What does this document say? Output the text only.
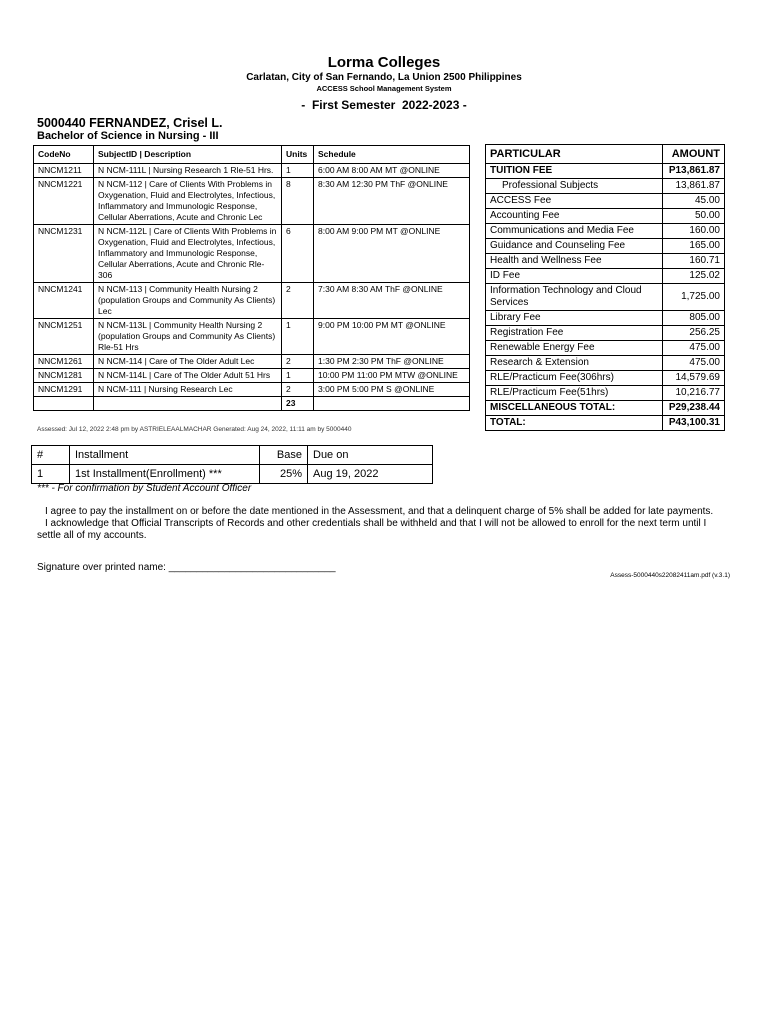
Lorma Colleges
Carlatan, City of San Fernando, La Union 2500 Philippines
ACCESS School Management System
-  First Semester  2022-2023 -
5000440 FERNANDEZ, Crisel L.
Bachelor of Science in Nursing - III
CodeNo	SubjectID | Description	Units	Schedule
NNCM1211	N NCM-111L | Nursing Research 1 Rle-51 Hrs.	1	6:00 AM 8:00 AM MT @ONLINE
NNCM1221	N NCM-112 | Care of Clients With Problems in Oxygenation, Fluid and Electrolytes, Infectious, Inflammatory and Immunologic Response, Cellular Aberrations, Acute and Chronic Lec	8	8:30 AM 12:30 PM ThF @ONLINE
NNCM1231	N NCM-112L | Care of Clients With Problems in Oxygenation, Fluid and Electrolytes, Infectious, Inflammatory and Immunologic Response, Cellular Aberrations, Acute and Chronic Rle-306	6	8:00 AM 9:00 PM MT @ONLINE
NNCM1241	N NCM-113 | Community Health Nursing 2 (population Groups and Community As Clients) Lec	2	7:30 AM 8:30 AM ThF @ONLINE
NNCM1251	N NCM-113L | Community Health Nursing 2 (population Groups and Community As Clients) Rle-51 Hrs	1	9:00 PM 10:00 PM MT @ONLINE
NNCM1261	N NCM-114 | Care of The Older Adult Lec	2	1:30 PM 2:30 PM ThF @ONLINE
NNCM1281	N NCM-114L | Care of The Older Adult 51 Hrs	1	10:00 PM 11:00 PM MTW @ONLINE
NNCM1291	N NCM-111 | Nursing Research Lec	2	3:00 PM 5:00 PM S @ONLINE
		23	
Assessed: Jul 12, 2022 2:48 pm by ASTRIELEAALMACHAR Generated: Aug 24, 2022, 11:11 am by 5000440
PARTICULAR	AMOUNT
TUITION FEE	P13,861.87
Professional Subjects	13,861.87
ACCESS Fee	45.00
Accounting Fee	50.00
Communications and Media Fee	160.00
Guidance and Counseling Fee	165.00
Health and Wellness Fee	160.71
ID Fee	125.02
Information Technology and Cloud Services	1,725.00
Library Fee	805.00
Registration Fee	256.25
Renewable Energy Fee	475.00
Research & Extension	475.00
RLE/Practicum Fee(306hrs)	14,579.69
RLE/Practicum Fee(51hrs)	10,216.77
MISCELLANEOUS TOTAL:	P29,238.44
TOTAL:	P43,100.31
#	Installment	Base	Due on
1	1st Installment(Enrollment) ***	25%	Aug 19, 2022
*** - For confirmation by Student Account Officer

I agree to pay the installment on or before the date mentioned in the Assessment, and that a delinquent charge of 5% shall be added for late payments.

I acknowledge that Official Transcripts of Records and other credentials shall be withheld and that I will not be allowed to enroll for the next term until I settle all of my accounts.

Signature over printed name: ______________________________
Assess-5000440s22082411am.pdf (v.3.1)
